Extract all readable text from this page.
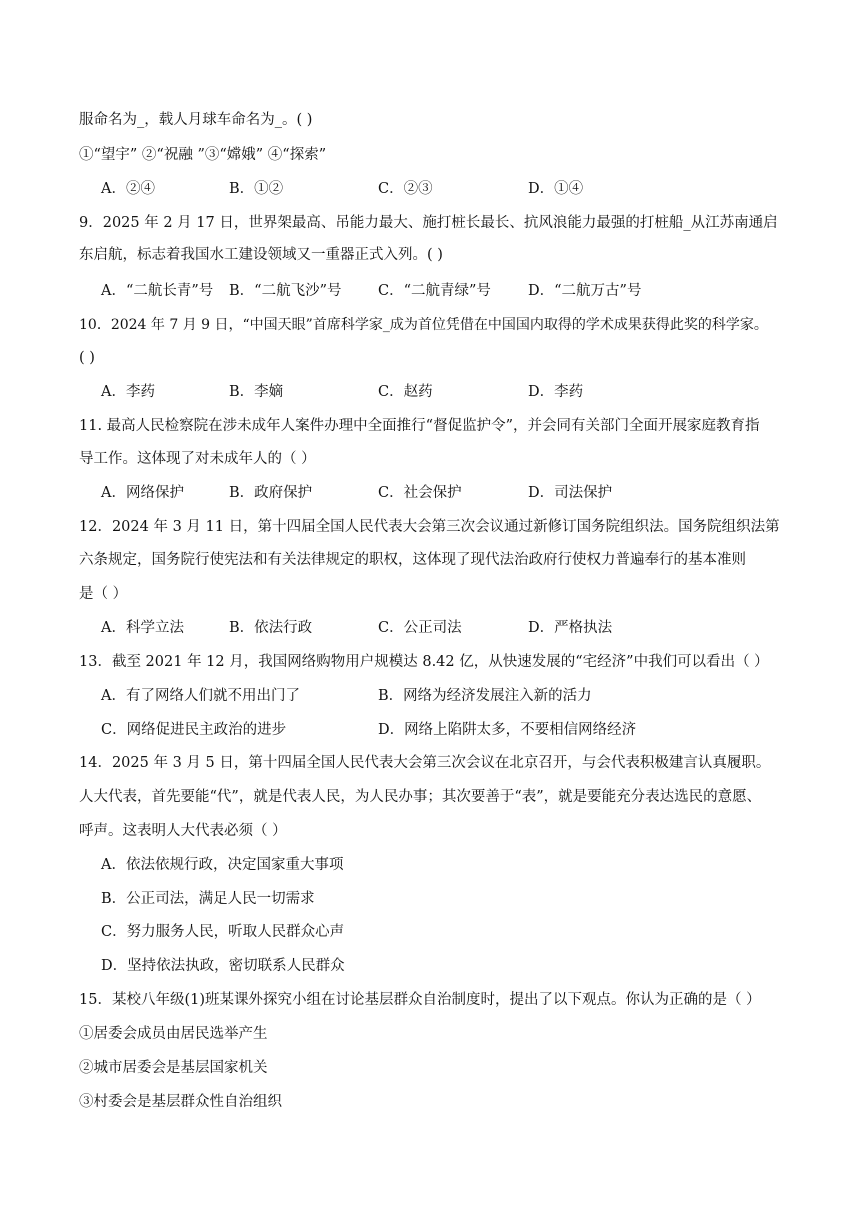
服命名为_，载人月球车命名为_。( )
①“望宇” ②“祝融 ”③“嫦娥” ④“探索”
A．②④	B．①②	C．②③	D．①④
9．2025 年 2 月 17 日，世界架最高、吊能力最大、施打桩长最长、抗风浪能力最强的打桩船_从江苏南通启
东启航，标志着我国水工建设领域又一重器正式入列。( )
A．“二航长青”号 B．“二航飞沙”号	C．“二航青绿”号	D．“二航万古”号
10．2024 年 7 月 9 日，“中国天眼”首席科学家_成为首位凭借在中国国内取得的学术成果获得此奖的科学家。
( )
A．李药	B．李嫡	C．赵药	D．李药
11. 最高人民检察院在涉未成年人案件办理中全面推行“督促监护令”，并会同有关部门全面开展家庭教育指
导工作。这体现了对未成年人的（ ）
A．网络保护	B．政府保护	C．社会保护	D．司法保护
12．2024 年 3 月 11 日，第十四届全国人民代表大会第三次会议通过新修订国务院组织法。国务院组织法第
六条规定，国务院行使宪法和有关法律规定的职权，这体现了现代法治政府行使权力普遍奉行的基本准则
是（ ）
A．科学立法	B．依法行政	C．公正司法	D．严格执法
13．截至 2021 年 12 月，我国网络购物用户规模达 8.42 亿，从快速发展的“宅经济”中我们可以看出（ ）
A．有了网络人们就不用出门了	B．网络为经济发展注入新的活力
C．网络促进民主政治的进步	D．网络上陷阱太多，不要相信网络经济
14．2025 年 3 月 5 日，第十四届全国人民代表大会第三次会议在北京召开，与会代表积极建言认真履职。
人大代表，首先要能“代”，就是代表人民，为人民办事；其次要善于“表”，就是要能充分表达选民的意愿、
呼声。这表明人大代表必须（ ）
A．依法依规行政，决定国家重大事项
B．公正司法，满足人民一切需求
C．努力服务人民，听取人民群众心声
D．坚持依法执政，密切联系人民群众
15．某校八年级(1)班某课外探究小组在讨论基层群众自治制度时，提出了以下观点。你认为正确的是（ ）
①居委会成员由居民选举产生
②城市居委会是基层国家机关
③村委会是基层群众性自治组织
